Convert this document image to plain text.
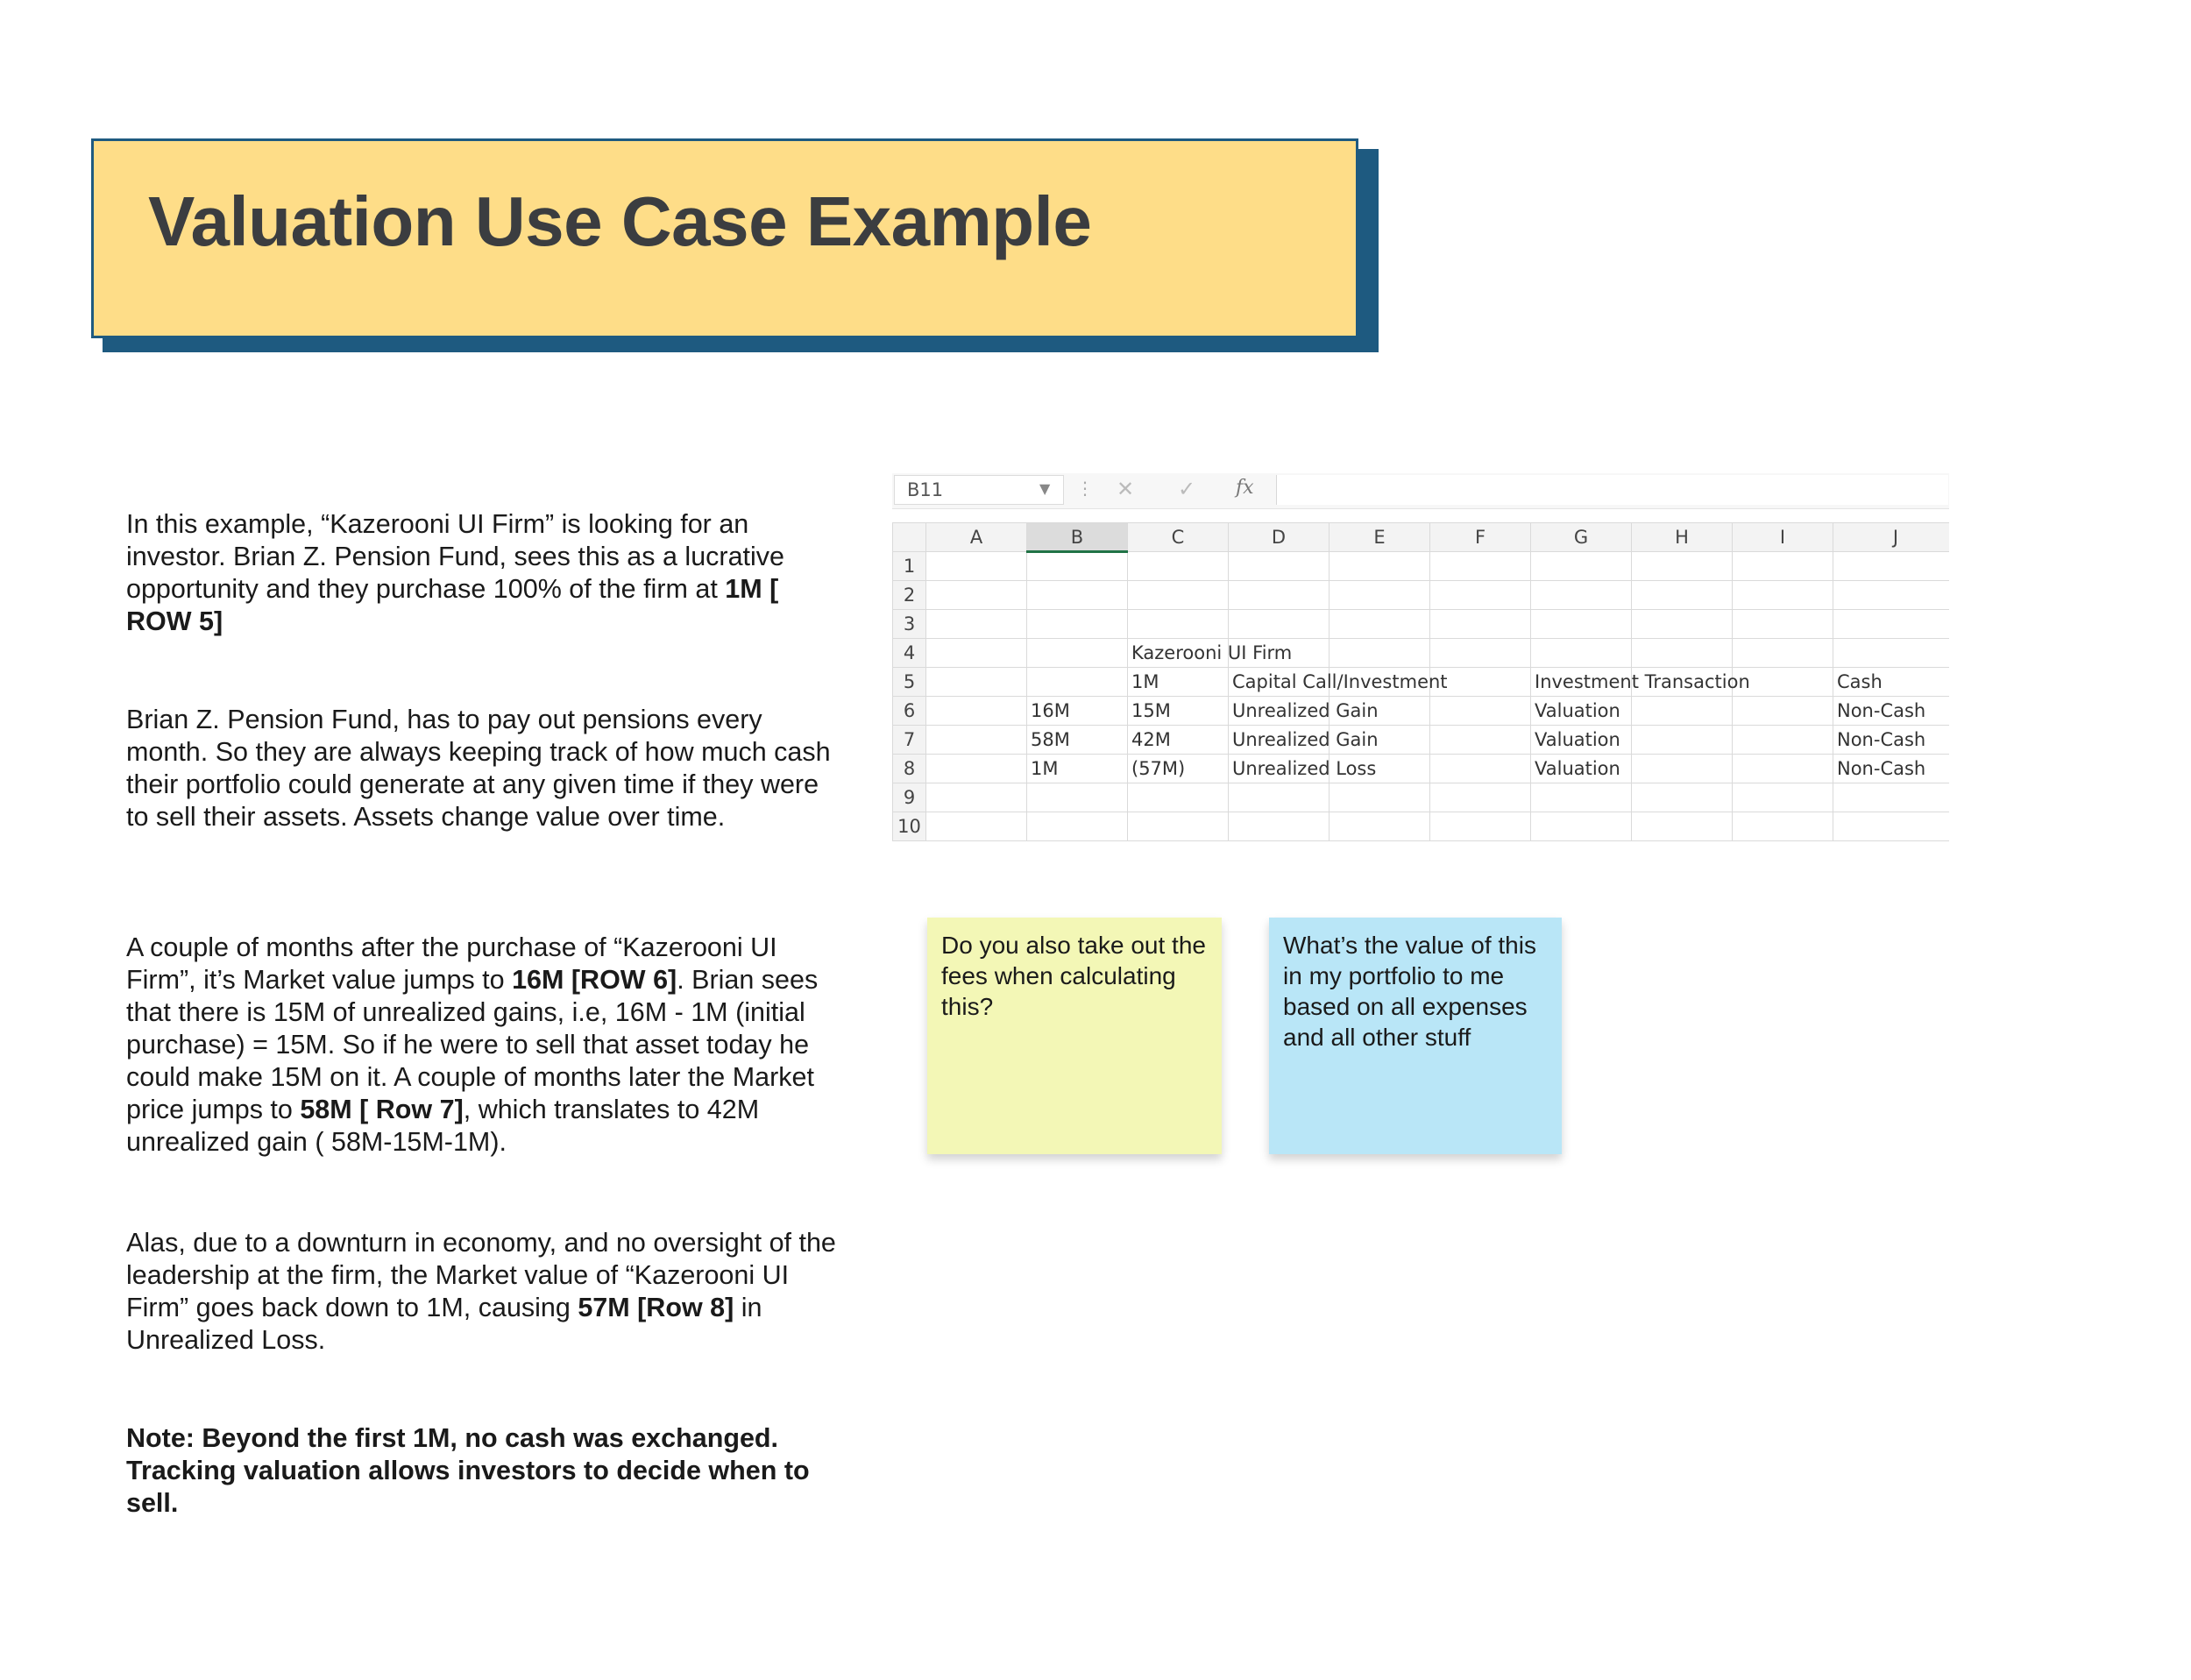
Valuation Use Case Example

In this example, “Kazerooni UI Firm” is looking for an investor. Brian Z. Pension Fund, sees this as a lucrative opportunity and they purchase 100% of the firm at 1M [ ROW 5]

Brian Z. Pension Fund, has to pay out pensions every month. So they are always keeping track of how much cash their portfolio could generate at any given time if they were to sell their assets. Assets change value over time.

A couple of months after the purchase of “Kazerooni UI Firm”, it’s Market value jumps to 16M [ROW 6]. Brian sees that there is 15M of unrealized gains, i.e, 16M - 1M (initial purchase) = 15M. So if he were to sell that asset today he could make 15M on it. A couple of months later the Market price jumps to 58M [ Row 7], which translates to 42M unrealized gain ( 58M-15M-1M).

Alas, due to a downturn in economy, and no oversight of the leadership at the firm, the Market value of “Kazerooni UI Firm” goes back down to 1M, causing 57M [Row 8] in Unrealized Loss.

Note: Beyond the first 1M, no cash was exchanged. Tracking valuation allows investors to decide when to sell.

B11	▼ ⋮ ✕ ✓ fx
	A	B	C	D	E	F	G	H	I	J	
1											
2											
3											
4			Kazerooni UI Firm								
5			1M	Capital Call/Investment			Investment Transaction			Cash	
6		16M	15M	Unrealized Gain			Valuation			Non-Cash	
7		58M	42M	Unrealized Gain			Valuation			Non-Cash	
8		1M	(57M)	Unrealized Loss			Valuation			Non-Cash	
9											
10											
Do you also take out the fees when calculating this?
What’s the value of this in my portfolio to me based on all expenses and all other stuff
